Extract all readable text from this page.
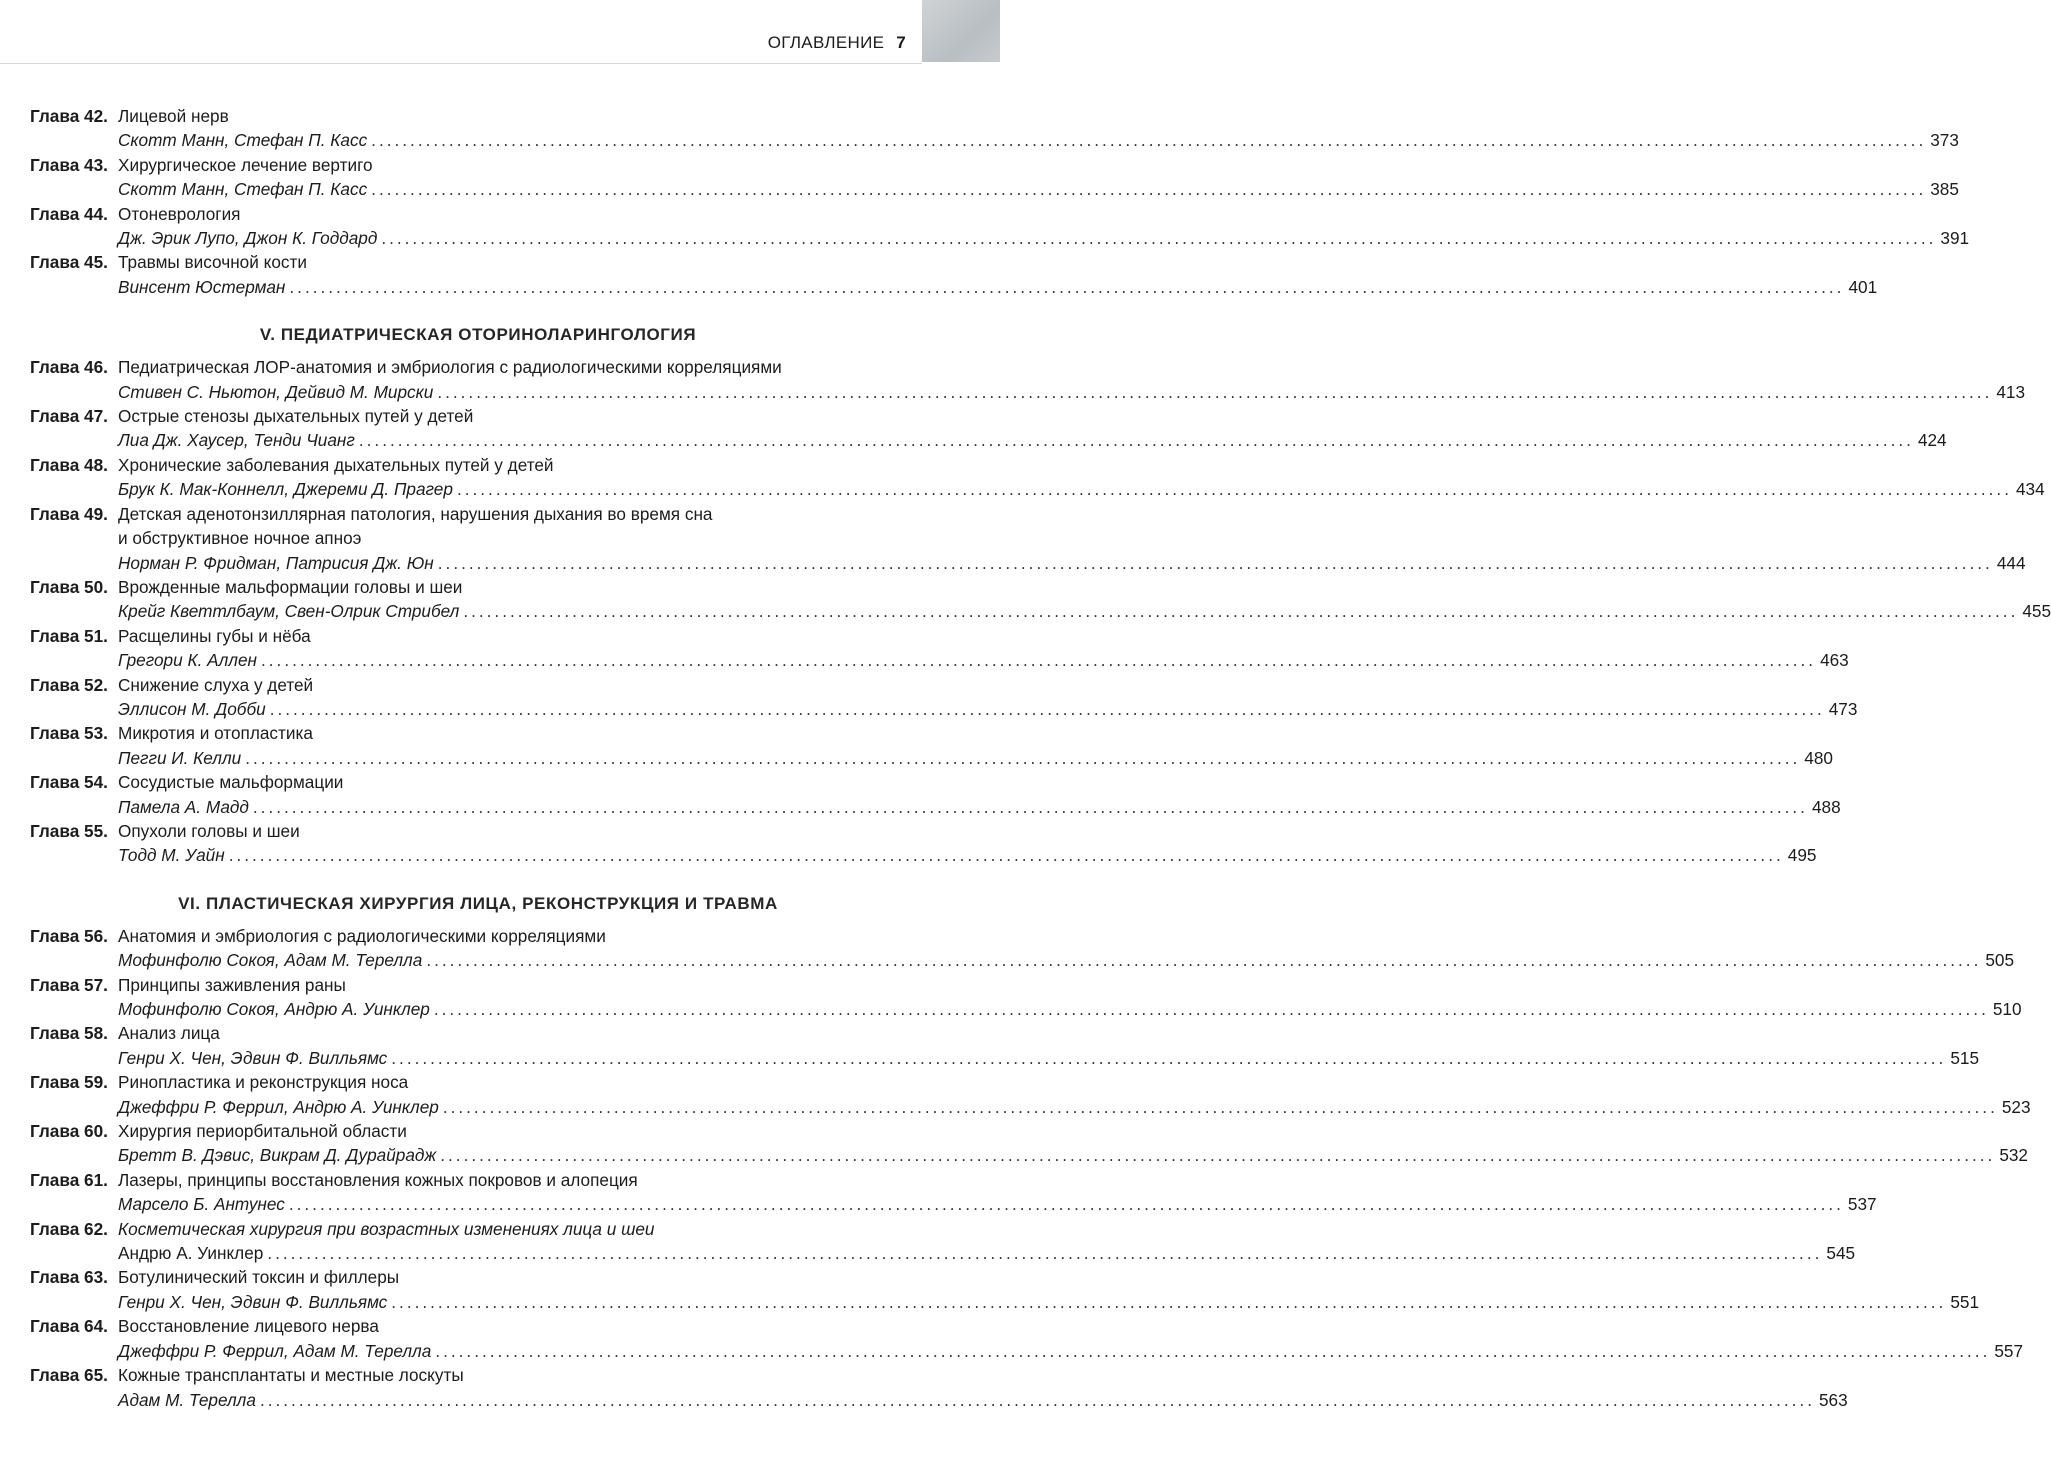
ОГЛАВЛЕНИЕ 7
Глава 42. Лицевой нерв
Скотт Манн, Стефан П. Касс ........................................................................................................................................................................................................ 373
Глава 43. Хирургическое лечение вертиго
Скотт Манн, Стефан П. Касс ........................................................................................................................................................................................................ 385
Глава 44. Отоневрология
Дж. Эрик Лупо, Джон К. Годдард ........................................................................................................................................................................................................ 391
Глава 45. Травмы височной кости
Винсент Юстерман ........................................................................................................................................................................................................ 401
V. ПЕДИАТРИЧЕСКАЯ ОТОРИНОЛАРИНГОЛОГИЯ
Глава 46. Педиатрическая ЛОР-анатомия и эмбриология с радиологическими корреляциями
Стивен С. Ньютон, Дейвид М. Мирски ........................................................................................................................................................................................................ 413
Глава 47. Острые стенозы дыхательных путей у детей
Лиа Дж. Хаусер, Тенди Чианг ........................................................................................................................................................................................................ 424
Глава 48. Хронические заболевания дыхательных путей у детей
Брук К. Мак-Коннелл, Джереми Д. Прагер ........................................................................................................................................................................................................ 434
Глава 49. Детская аденотонзиллярная патология, нарушения дыхания во время сна
и обструктивное ночное апноэ
Норман Р. Фридман, Патрисия Дж. Юн ........................................................................................................................................................................................................ 444
Глава 50. Врожденные мальформации головы и шеи
Крейг Кветтлбаум, Свен-Олрик Стрибел ........................................................................................................................................................................................................ 455
Глава 51. Расщелины губы и нёба
Грегори К. Аллен ........................................................................................................................................................................................................ 463
Глава 52. Снижение слуха у детей
Эллисон М. Добби ........................................................................................................................................................................................................ 473
Глава 53. Микротия и отопластика
Пегги И. Келли ........................................................................................................................................................................................................ 480
Глава 54. Сосудистые мальформации
Памела А. Мадд ........................................................................................................................................................................................................ 488
Глава 55. Опухоли головы и шеи
Тодд М. Уайн ........................................................................................................................................................................................................ 495
VI. ПЛАСТИЧЕСКАЯ ХИРУРГИЯ ЛИЦА, РЕКОНСТРУКЦИЯ И ТРАВМА
Глава 56. Анатомия и эмбриология с радиологическими корреляциями
Мофинфолю Сокоя, Адам М. Терелла ........................................................................................................................................................................................................ 505
Глава 57. Принципы заживления раны
Мофинфолю Сокоя, Андрю А. Уинклер ........................................................................................................................................................................................................ 510
Глава 58. Анализ лица
Генри Х. Чен, Эдвин Ф. Вилльямс ........................................................................................................................................................................................................ 515
Глава 59. Ринопластика и реконструкция носа
Джеффри Р. Феррил, Андрю А. Уинклер ........................................................................................................................................................................................................ 523
Глава 60. Хирургия периорбитальной области
Бретт В. Дэвис, Викрам Д. Дурайрадж ........................................................................................................................................................................................................ 532
Глава 61. Лазеры, принципы восстановления кожных покровов и алопеция
Марсело Б. Антунес ........................................................................................................................................................................................................ 537
Глава 62. Косметическая хирургия при возрастных изменениях лица и шеи
Андрю А. Уинклер ........................................................................................................................................................................................................ 545
Глава 63. Ботулинический токсин и филлеры
Генри Х. Чен, Эдвин Ф. Вилльямс ........................................................................................................................................................................................................ 551
Глава 64. Восстановление лицевого нерва
Джеффри Р. Феррил, Адам М. Терелла ........................................................................................................................................................................................................ 557
Глава 65. Кожные трансплантаты и местные лоскуты
Адам М. Терелла ........................................................................................................................................................................................................ 563
